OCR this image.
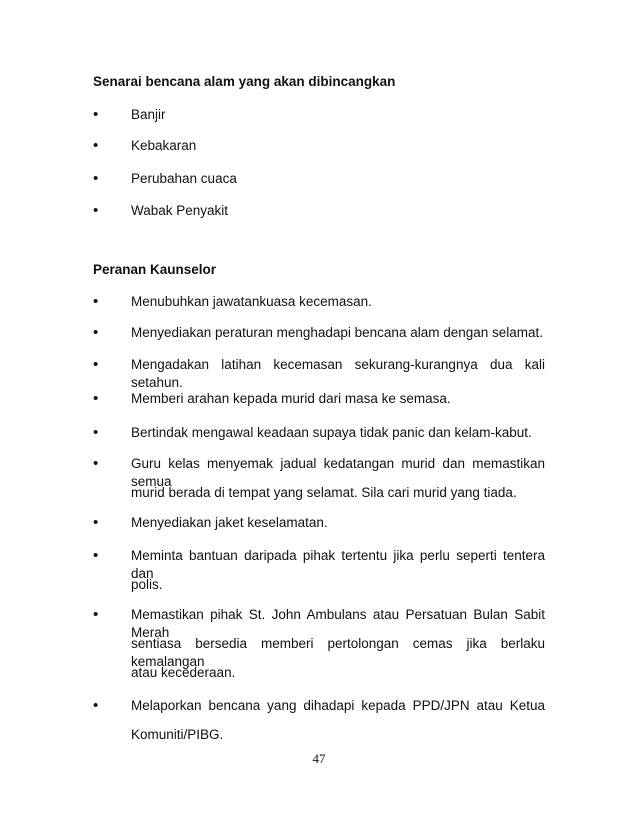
Senarai bencana alam yang akan dibincangkan
• Banjir
• Kebakaran
• Perubahan cuaca
• Wabak Penyakit
Peranan Kaunselor
• Menubuhkan jawatankuasa kecemasan.
• Menyediakan peraturan menghadapi bencana alam dengan selamat.
• Mengadakan latihan kecemasan sekurang-kurangnya dua kali setahun.
• Memberi arahan kepada murid dari masa ke semasa.
• Bertindak mengawal keadaan supaya tidak panic dan kelam-kabut.
• Guru kelas menyemak jadual kedatangan murid dan memastikan semua
murid berada di tempat yang selamat. Sila cari murid yang tiada.
• Menyediakan jaket keselamatan.
• Meminta bantuan daripada pihak tertentu jika perlu seperti tentera dan
polis.
• Memastikan pihak St. John Ambulans atau Persatuan Bulan Sabit Merah
sentiasa bersedia memberi pertolongan cemas jika berlaku kemalangan
atau kecederaan.
• Melaporkan bencana yang dihadapi kepada PPD/JPN atau Ketua
Komuniti/PIBG.
47
